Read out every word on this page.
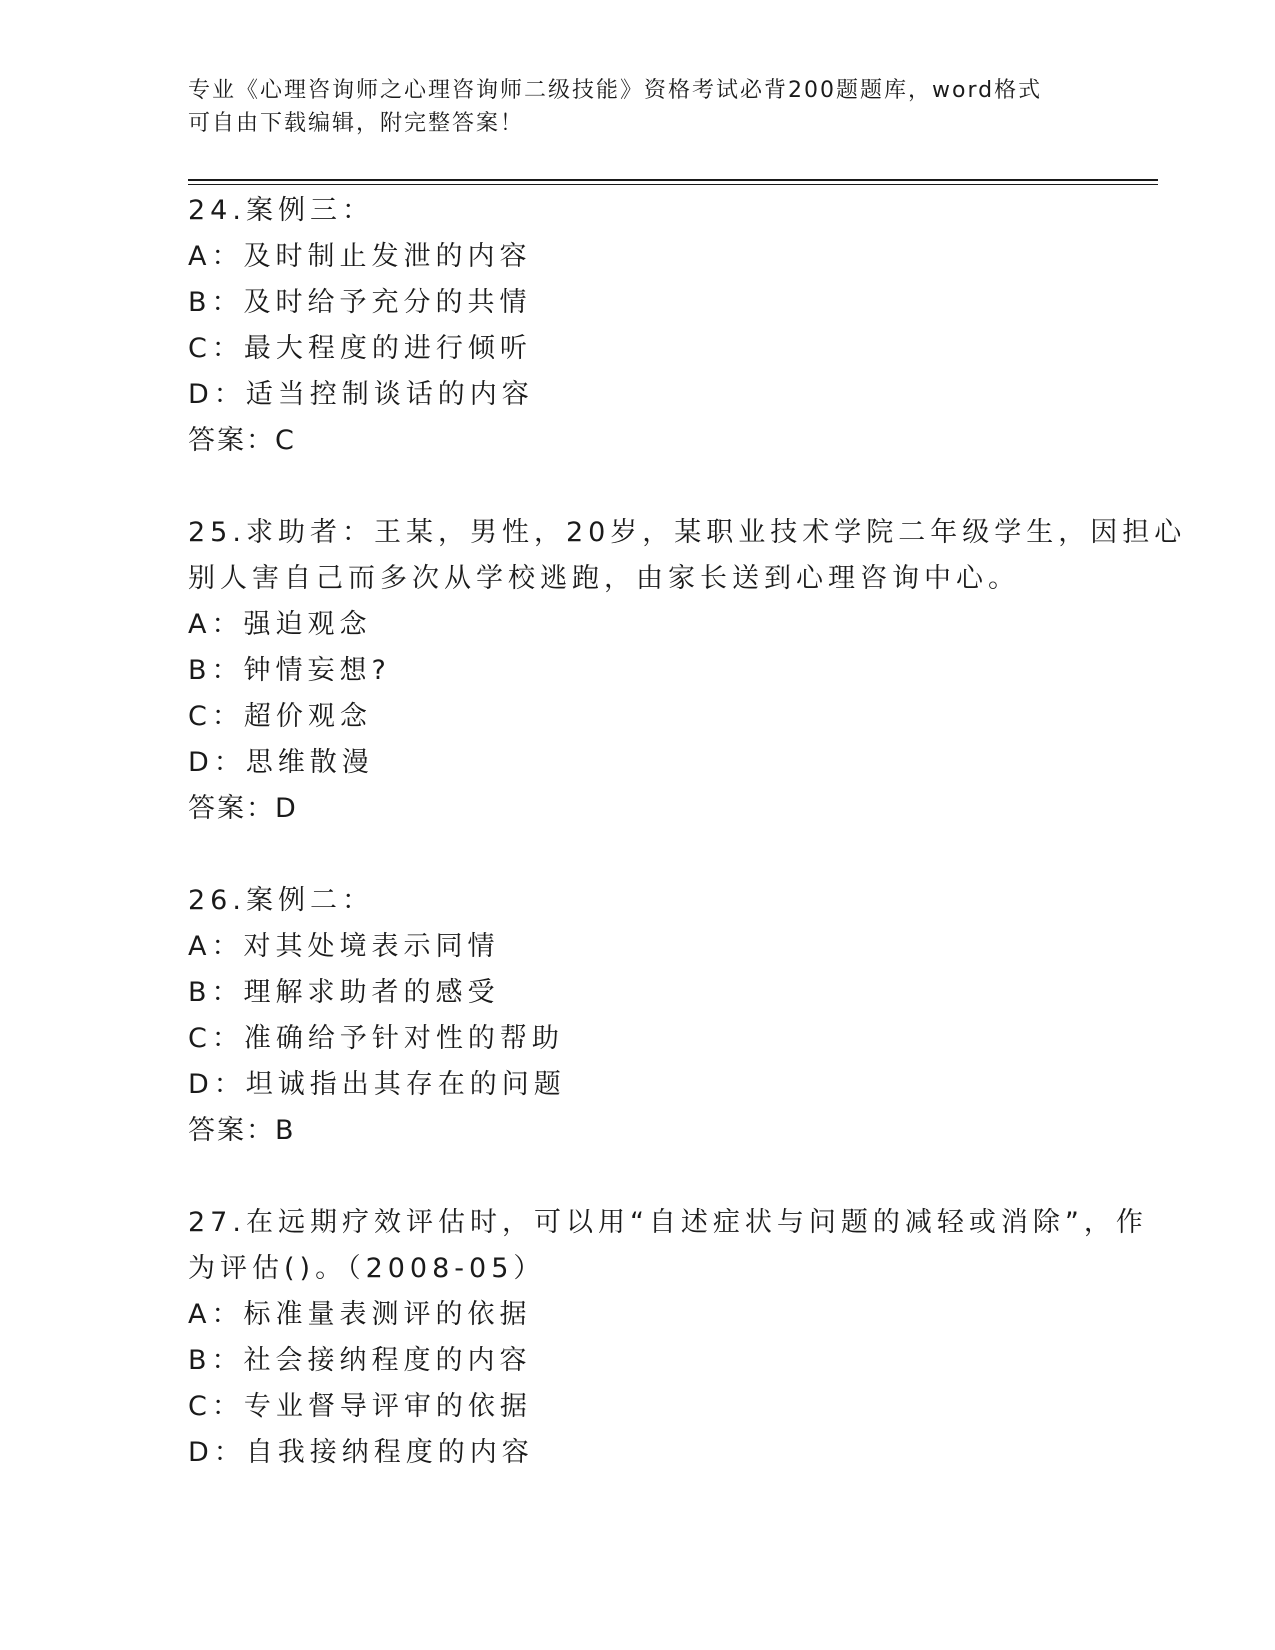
专业《心理咨询师之心理咨询师二级技能》资格考试必背200题题库，word格式
可自由下载编辑，附完整答案！
24.案例三：
A：及时制止发泄的内容
B：及时给予充分的共情
C：最大程度的进行倾听
D：适当控制谈话的内容
答案：C
25.求助者：王某，男性，20岁，某职业技术学院二年级学生，因担心
别人害自己而多次从学校逃跑，由家长送到心理咨询中心。
A：强迫观念
B：钟情妄想?
C：超价观念
D：思维散漫
答案：D
26.案例二：
A：对其处境表示同情
B：理解求助者的感受
C：准确给予针对性的帮助
D：坦诚指出其存在的问题
答案：B
27.在远期疗效评估时，可以用“自述症状与问题的减轻或消除”，作
为评估()。（2008-05）
A：标准量表测评的依据
B：社会接纳程度的内容
C：专业督导评审的依据
D：自我接纳程度的内容
